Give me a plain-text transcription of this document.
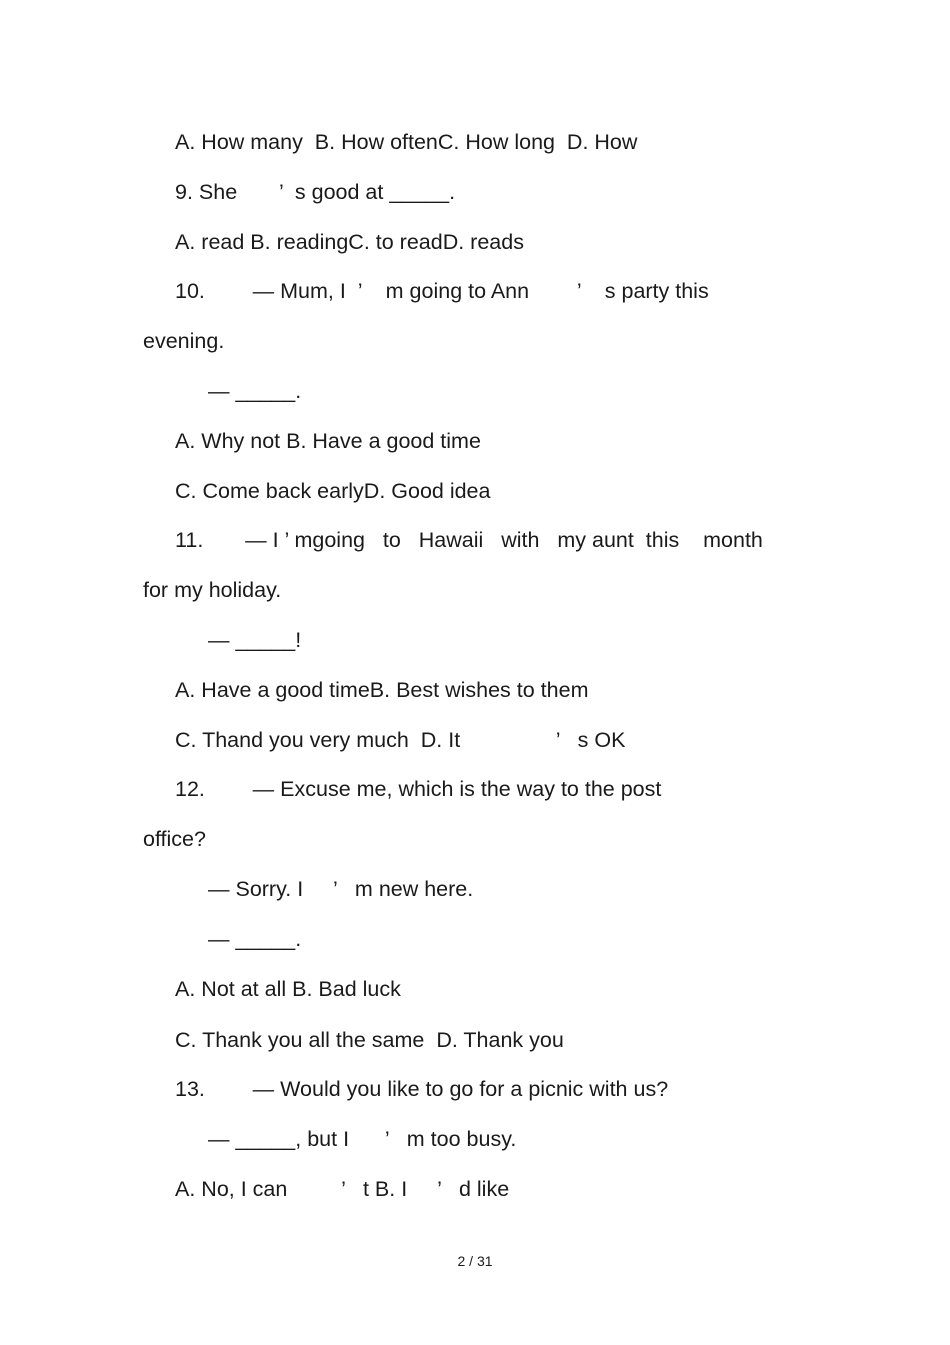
A. How many  B. How oftenC. How long  D. How
9. She       ’  s good at _____.
A. read B. readingC. to readD. reads
10.        — Mum, I  ’    m going to Ann        ’    s party this
evening.
— _____.
A. Why not B. Have a good time
C. Come back earlyD. Good idea
11.       — I ’ mgoing   to   Hawaii   with   my aunt  this    month
for my holiday.
— _____!
A. Have a good timeB. Best wishes to them
C. Thand you very much  D. It                ’   s OK
12.        — Excuse me, which is the way to the post
office?
— Sorry. I     ’   m new here.
— _____.
A. Not at all B. Bad luck
C. Thank you all the same  D. Thank you
13.        — Would you like to go for a picnic with us?
— _____, but I      ’   m too busy.
A. No, I can         ’   t B. I     ’   d like
2 / 31
